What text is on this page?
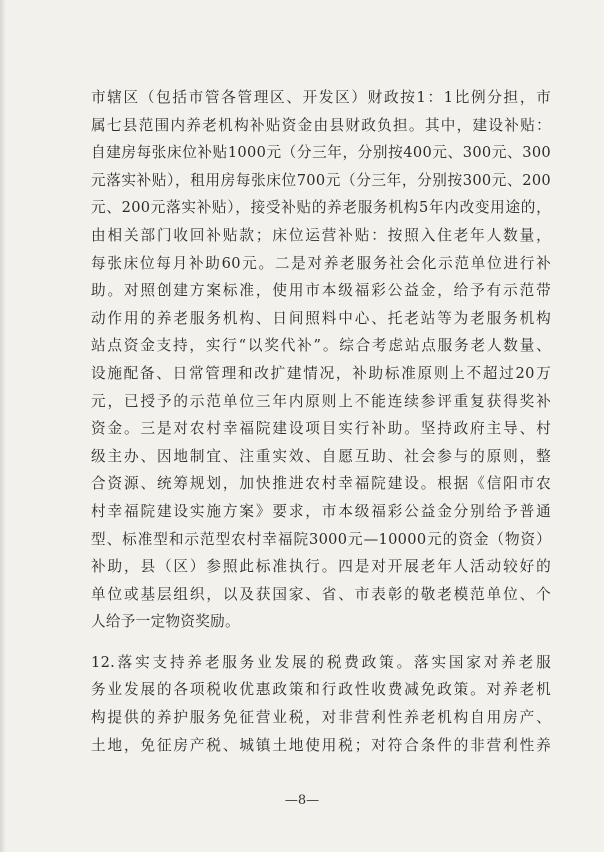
市辖区（包括市管各管理区、开发区）财政按1：1比例分担，市
属七县范围内养老机构补贴资金由县财政负担。其中，建设补贴：
自建房每张床位补贴1000元（分三年，分别按400元、300元、300
元落实补贴），租用房每张床位700元（分三年，分别按300元、200
元、200元落实补贴），接受补贴的养老服务机构5年内改变用途的，
由相关部门收回补贴款；床位运营补贴：按照入住老年人数量，
每张床位每月补助60元。二是对养老服务社会化示范单位进行补
助。对照创建方案标准，使用市本级福彩公益金，给予有示范带
动作用的养老服务机构、日间照料中心、托老站等为老服务机构
站点资金支持，实行“以奖代补”。综合考虑站点服务老人数量、
设施配备、日常管理和改扩建情况，补助标准原则上不超过20万
元，已授予的示范单位三年内原则上不能连续参评重复获得奖补
资金。三是对农村幸福院建设项目实行补助。坚持政府主导、村
级主办、因地制宜、注重实效、自愿互助、社会参与的原则，整
合资源、统筹规划，加快推进农村幸福院建设。根据《信阳市农
村幸福院建设实施方案》要求，市本级福彩公益金分别给予普通
型、标准型和示范型农村幸福院3000元—10000元的资金（物资）
补助，县（区）参照此标准执行。四是对开展老年人活动较好的
单位或基层组织，以及获国家、省、市表彰的敬老模范单位、个
人给予一定物资奖励。
12.落实支持养老服务业发展的税费政策。落实国家对养老服
务业发展的各项税收优惠政策和行政性收费减免政策。对养老机
构提供的养护服务免征营业税，对非营利性养老机构自用房产、
土地，免征房产税、城镇土地使用税；对符合条件的非营利性养
—8—
